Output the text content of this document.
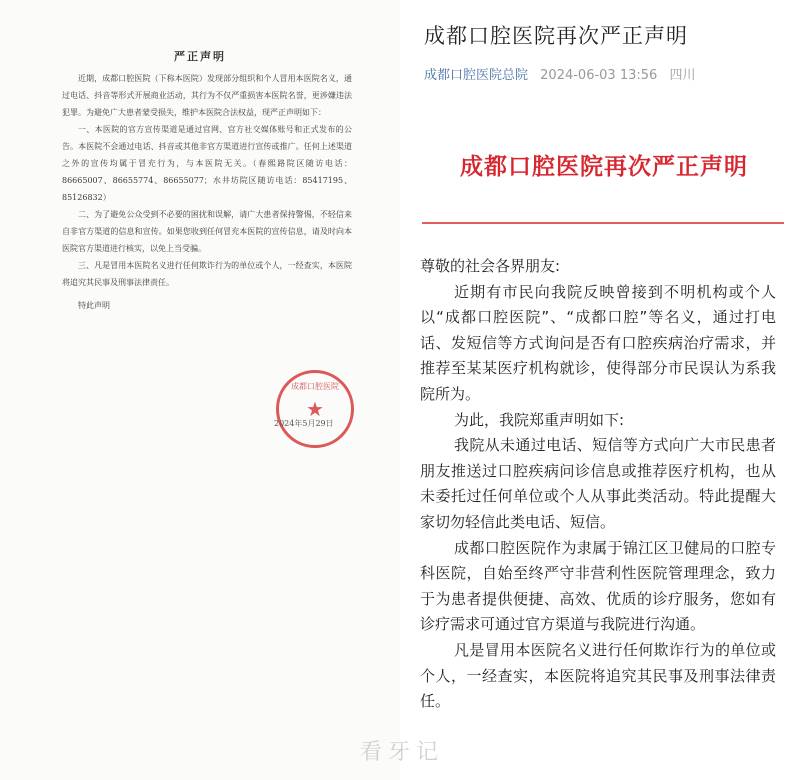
严正声明

近期，成都口腔医院（下称本医院）发现部分组织和个人冒用本医院名义，通过电话、抖音等形式开展商业活动，其行为不仅严重损害本医院名誉，更涉嫌违法犯罪。为避免广大患者蒙受损失，维护本医院合法权益，现严正声明如下：

一、本医院的官方宣传渠道是通过官网、官方社交媒体账号和正式发布的公告。本医院不会通过电话、抖音或其他非官方渠道进行宣传或推广。任何上述渠道之外的宣传均属于冒充行为，与本医院无关。（春熙路院区随访电话：86665007、86655774、86655077；水井坊院区随访电话：85417195、85126832）

二、为了避免公众受到不必要的困扰和误解，请广大患者保持警惕，不轻信来自非官方渠道的信息和宣传。如果您收到任何冒充本医院的宣传信息，请及时向本医院官方渠道进行核实，以免上当受骗。

三、凡是冒用本医院名义进行任何欺诈行为的单位或个人，一经查实，本医院将追究其民事及刑事法律责任。

特此声明

成都口腔医院
★
2024年5月29日
成都口腔医院再次严正声明
成都口腔医院总院 2024-06-03 13:56 四川
成都口腔医院再次严正声明

尊敬的社会各界朋友:

近期有市民向我院反映曾接到不明机构或个人以“成都口腔医院”、“成都口腔”等名义，通过打电话、发短信等方式询问是否有口腔疾病治疗需求，并推荐至某某医疗机构就诊，使得部分市民误认为系我院所为。

为此，我院郑重声明如下:

我院从未通过电话、短信等方式向广大市民患者朋友推送过口腔疾病问诊信息或推荐医疗机构，也从未委托过任何单位或个人从事此类活动。特此提醒大家切勿轻信此类电话、短信。

成都口腔医院作为隶属于锦江区卫健局的口腔专科医院，自始至终严守非营利性医院管理理念，致力于为患者提供便捷、高效、优质的诊疗服务，您如有诊疗需求可通过官方渠道与我院进行沟通。

凡是冒用本医院名义进行任何欺诈行为的单位或个人，一经查实，本医院将追究其民事及刑事法律责任。

看牙记
